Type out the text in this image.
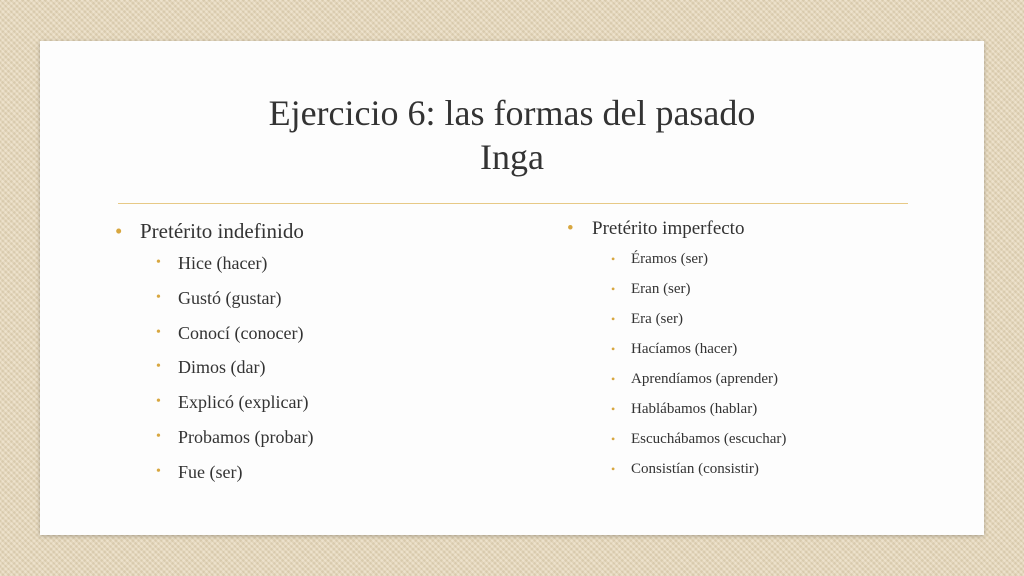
Ejercicio 6: las formas del pasado
Inga
• Pretérito indefinido
• Hice (hacer)
• Gustó (gustar)
• Conocí (conocer)
• Dimos (dar)
• Explicó (explicar)
• Probamos (probar)
• Fue (ser)
• Pretérito imperfecto
• Éramos (ser)
• Eran (ser)
• Era (ser)
• Hacíamos (hacer)
• Aprendíamos (aprender)
• Hablábamos (hablar)
• Escuchábamos (escuchar)
• Consistían (consistir)
